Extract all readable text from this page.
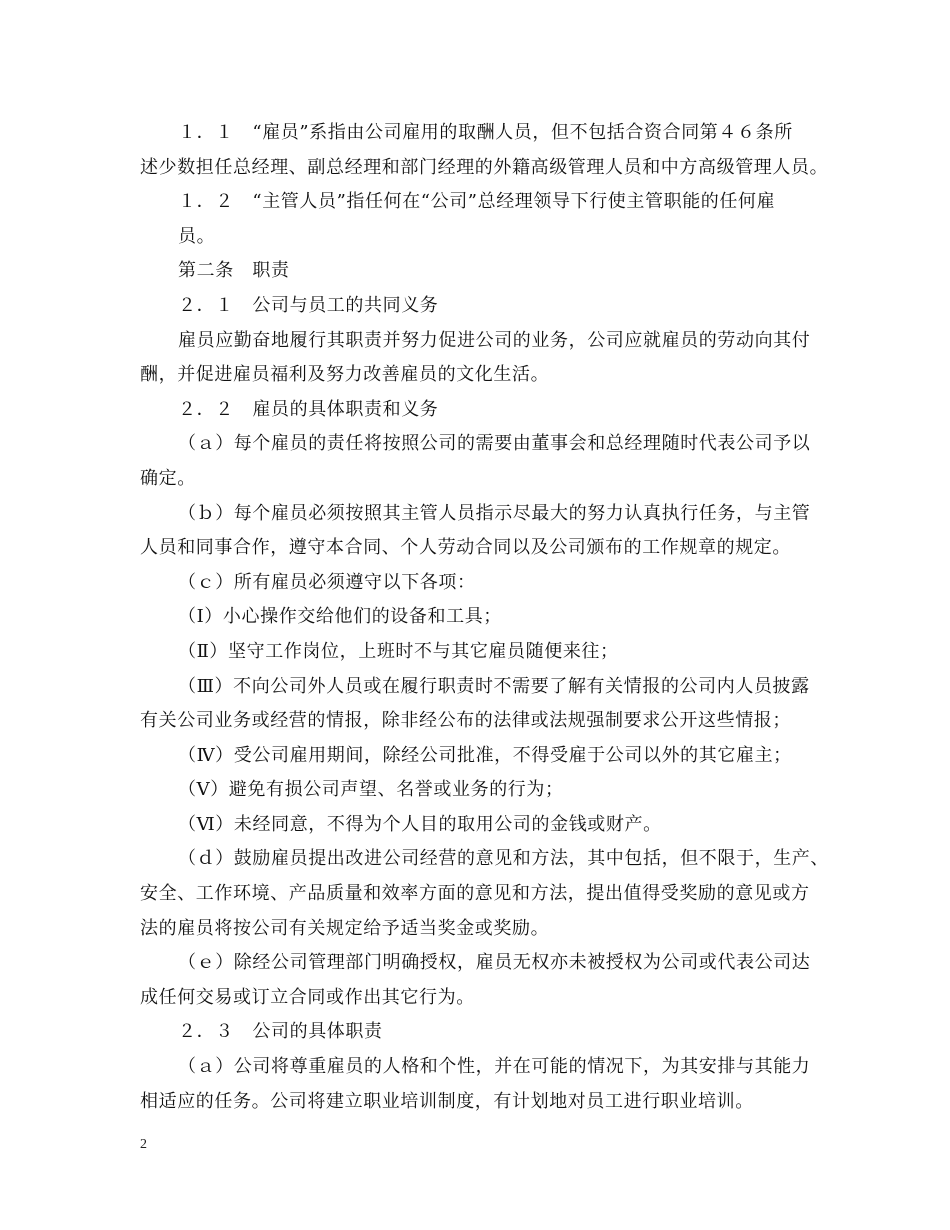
１．１　“雇员”系指由公司雇用的取酬人员，但不包括合资合同第４６条所
述少数担任总经理、副总经理和部门经理的外籍高级管理人员和中方高级管理人员。
１．２　“主管人员”指任何在“公司”总经理领导下行使主管职能的任何雇
员。
第二条　职责
２．１　公司与员工的共同义务
雇员应勤奋地履行其职责并努力促进公司的业务，公司应就雇员的劳动向其付
酬，并促进雇员福利及努力改善雇员的文化生活。
２．２　雇员的具体职责和义务
（ａ）每个雇员的责任将按照公司的需要由董事会和总经理随时代表公司予以
确定。
（ｂ）每个雇员必须按照其主管人员指示尽最大的努力认真执行任务，与主管
人员和同事合作，遵守本合同、个人劳动合同以及公司颁布的工作规章的规定。
（ｃ）所有雇员必须遵守以下各项：
（Ⅰ）小心操作交给他们的设备和工具；
（Ⅱ）坚守工作岗位，上班时不与其它雇员随便来往；
（Ⅲ）不向公司外人员或在履行职责时不需要了解有关情报的公司内人员披露
有关公司业务或经营的情报，除非经公布的法律或法规强制要求公开这些情报；
（Ⅳ）受公司雇用期间，除经公司批准，不得受雇于公司以外的其它雇主；
（Ⅴ）避免有损公司声望、名誉或业务的行为；
（Ⅵ）未经同意，不得为个人目的取用公司的金钱或财产。
（ｄ）鼓励雇员提出改进公司经营的意见和方法，其中包括，但不限于，生产、
安全、工作环境、产品质量和效率方面的意见和方法，提出值得受奖励的意见或方
法的雇员将按公司有关规定给予适当奖金或奖励。
（ｅ）除经公司管理部门明确授权，雇员无权亦未被授权为公司或代表公司达
成任何交易或订立合同或作出其它行为。
２．３　公司的具体职责
（ａ）公司将尊重雇员的人格和个性，并在可能的情况下，为其安排与其能力
相适应的任务。公司将建立职业培训制度，有计划地对员工进行职业培训。
2
